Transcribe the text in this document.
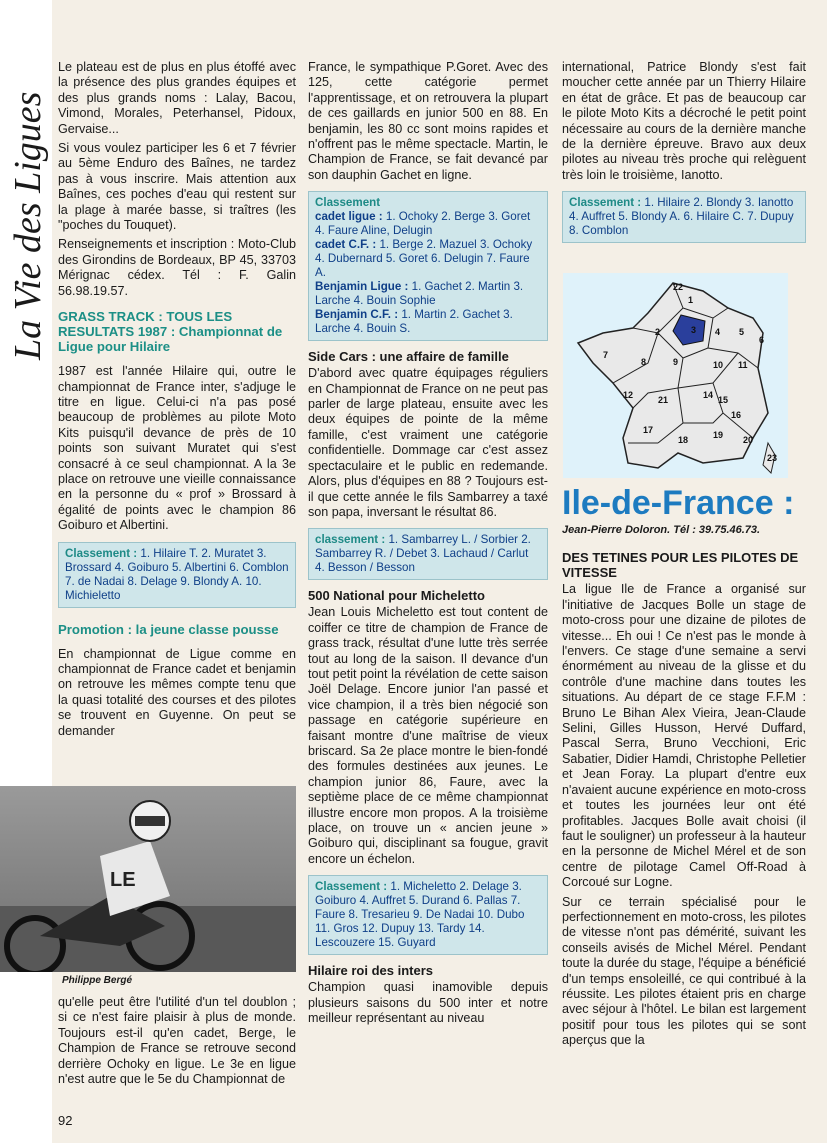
La Vie des Ligues

Le plateau est de plus en plus étoffé avec la présence des plus grandes équipes et des plus grands noms : Lalay, Bacou, Vimond, Morales, Peterhansel, Pidoux, Gervaise...

Si vous voulez participer les 6 et 7 février au 5ème Enduro des Baînes, ne tardez pas à vous inscrire. Mais attention aux Baînes, ces poches d'eau qui restent sur la plage à marée basse, si traîtres (les "poches du Touquet).

Renseignements et inscription : Moto-Club des Girondins de Bordeaux, BP 45, 33703 Mérignac cédex. Tél : F. Galin 56.98.19.57.

GRASS TRACK : TOUS LES RESULTATS 1987 : Championnat de Ligue pour Hilaire

1987 est l'année Hilaire qui, outre le championnat de France inter, s'adjuge le titre en ligue. Celui-ci n'a pas posé beaucoup de problèmes au pilote Moto Kits puisqu'il devance de près de 10 points son suivant Muratet qui s'est consacré à ce seul championnat. A la 3e place on retrouve une vieille connaissance en la personne du « prof » Brossard à égalité de points avec le champion 86 Goiburo et Albertini.

Classement : 1. Hilaire T. 2. Muratet 3. Brossard 4. Goiburo 5. Albertini 6. Comblon 7. de Nadai 8. Delage 9. Blondy A. 10. Michieletto
Promotion : la jeune classe pousse

En championnat de Ligue comme en championnat de France cadet et benjamin on retrouve les mêmes compte tenu que la quasi totalité des courses et des pilotes se trouvent en Guyenne. On peut se demander

LE
Philippe Bergé

qu'elle peut être l'utilité d'un tel doublon ; si ce n'est faire plaisir à plus de monde. Toujours est-il qu'en cadet, Berge, le Champion de France se retrouve second derrière Ochoky en ligue. Le 3e en ligue n'est autre que le 5e du Championnat de

France, le sympathique P.Goret. Avec des 125, cette catégorie permet l'apprentissage, et on retrouvera la plupart de ces gaillards en junior 500 en 88. En benjamin, les 80 cc sont moins rapides et n'offrent pas le même spectacle. Martin, le Champion de France, se fait devancé par son dauphin Gachet en ligne.

Classement
cadet ligue : 1. Ochoky 2. Berge 3. Goret 4. Faure Aline, Delugin
cadet C.F. : 1. Berge 2. Mazuel 3. Ochoky 4. Dubernard 5. Goret 6. Delugin 7. Faure A.
Benjamin Ligue : 1. Gachet 2. Martin 3. Larche 4. Bouin Sophie
Benjamin C.F. : 1. Martin 2. Gachet 3. Larche 4. Bouin S.
Side Cars : une affaire de famille

D'abord avec quatre équipages réguliers en Championnat de France on ne peut pas parler de large plateau, ensuite avec les deux équipes de pointe de la même famille, c'est vraiment une catégorie confidentielle. Dommage car c'est assez spectaculaire et le public en redemande. Alors, plus d'équipes en 88 ? Toujours est-il que cette année le fils Sambarrey a taxé son papa, inversant le résultat 86.

classement : 1. Sambarrey L. / Sorbier 2. Sambarrey R. / Debet 3. Lachaud / Carlut 4. Besson / Besson
500 National pour Micheletto

Jean Louis Micheletto est tout content de coiffer ce titre de champion de France de grass track, résultat d'une lutte très serrée tout au long de la saison. Il devance d'un tout petit point la révélation de cette saison Joël Delage. Encore junior l'an passé et vice champion, il a très bien négocié son passage en catégorie supérieure en faisant montre d'une maîtrise de vieux briscard. Sa 2e place montre le bien-fondé des formules destinées aux jeunes. Le champion junior 86, Faure, avec la septième place de ce même championnat illustre encore mon propos. A la troisième place, on trouve un « ancien jeune » Goiburo qui, disciplinant sa fougue, gravit encore un échelon.

Classement : 1. Micheletto 2. Delage 3. Goiburo 4. Auffret 5. Durand 6. Pallas 7. Faure 8. Tresarieu 9. De Nadai 10. Dubo 11. Gros 12. Dupuy 13. Tardy 14. Lescouzere 15. Guyard
Hilaire roi des inters

Champion quasi inamovible depuis plusieurs saisons du 500 inter et notre meilleur représentant au niveau

international, Patrice Blondy s'est fait moucher cette année par un Thierry Hilaire en état de grâce. Et pas de beaucoup car le pilote Moto Kits a décroché le petit point nécessaire au cours de la dernière manche de la dernière épreuve. Bravo aux deux pilotes au niveau très proche qui relèguent très loin le troisième, Ianotto.

Classement : 1. Hilaire 2. Blondy 3. Ianotto 4. Auffret 5. Blondy A. 6. Hilaire C. 7. Dupuy 8. Comblon
1
2	3 4 5
6
7
8	9	10 11
12	14 15
16
17
18	19 20
21
22
23
Ile-de-France :
Jean-Pierre Doloron. Tél : 39.75.46.73.
DES TETINES POUR LES PILOTES DE VITESSE

La ligue Ile de France a organisé sur l'initiative de Jacques Bolle un stage de moto-cross pour une dizaine de pilotes de vitesse... Eh oui ! Ce n'est pas le monde à l'envers. Ce stage d'une semaine a servi énormément au niveau de la glisse et du contrôle d'une machine dans toutes les situations. Au départ de ce stage F.F.M : Bruno Le Bihan Alex Vieira, Jean-Claude Selini, Gilles Husson, Hervé Duffard, Pascal Serra, Bruno Vecchioni, Eric Sabatier, Didier Hamdi, Christophe Pelletier et Jean Foray. La plupart d'entre eux n'avaient aucune expérience en moto-cross et toutes les journées leur ont été profitables. Jacques Bolle avait choisi (il faut le souligner) un professeur à la hauteur en la personne de Michel Mérel et de son centre de pilotage Camel Off-Road à Corcoué sur Logne.

Sur ce terrain spécialisé pour le perfectionnement en moto-cross, les pilotes de vitesse n'ont pas démérité, suivant les conseils avisés de Michel Mérel. Pendant toute la durée du stage, l'équipe a bénéficié d'un temps ensoleillé, ce qui contribué à la réussite. Les pilotes étaient pris en charge avec séjour à l'hôtel. Le bilan est largement positif pour tous les pilotes qui se sont aperçus que la

92
